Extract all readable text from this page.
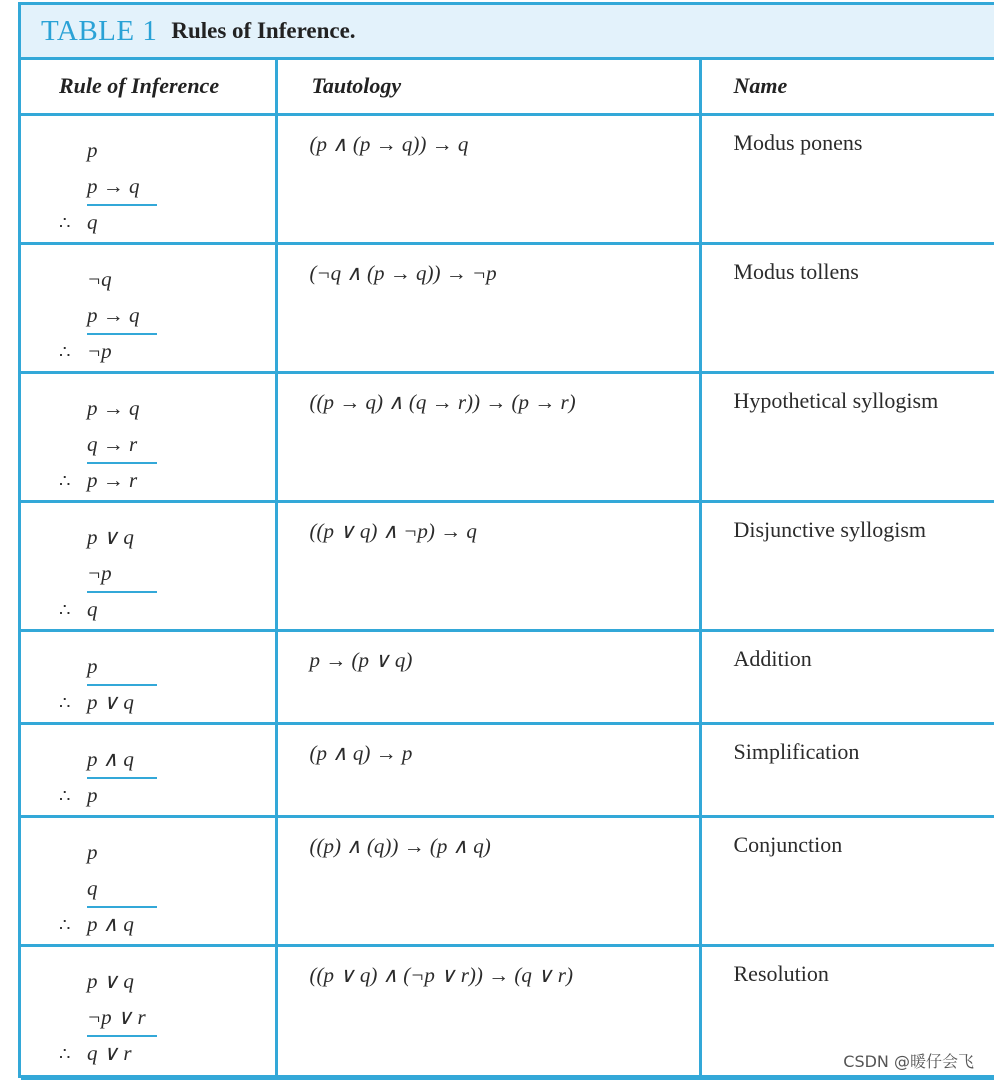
TABLE 1 Rules of Inference.
Rule of Inference	Tautology	Name

p
p → q
∴ q	(p ∧ (p → q)) → q	Modus ponens

¬q
p → q
∴ ¬p	(¬q ∧ (p → q)) → ¬p	Modus tollens

p → q
q → r
∴ p → r	((p → q) ∧ (q → r)) → (p → r)	Hypothetical syllogism

p ∨ q
¬p
∴ q	((p ∨ q) ∧ ¬p) → q	Disjunctive syllogism

p
∴ p ∨ q	p → (p ∨ q)	Addition

p ∧ q
∴ p	(p ∧ q) → p	Simplification

p
q
∴ p ∧ q	((p) ∧ (q)) → (p ∧ q)	Conjunction

p ∨ q
¬p ∨ r
∴ q ∨ r	((p ∨ q) ∧ (¬p ∨ r)) → (q ∨ r)	Resolution
CSDN @暖仔会飞
